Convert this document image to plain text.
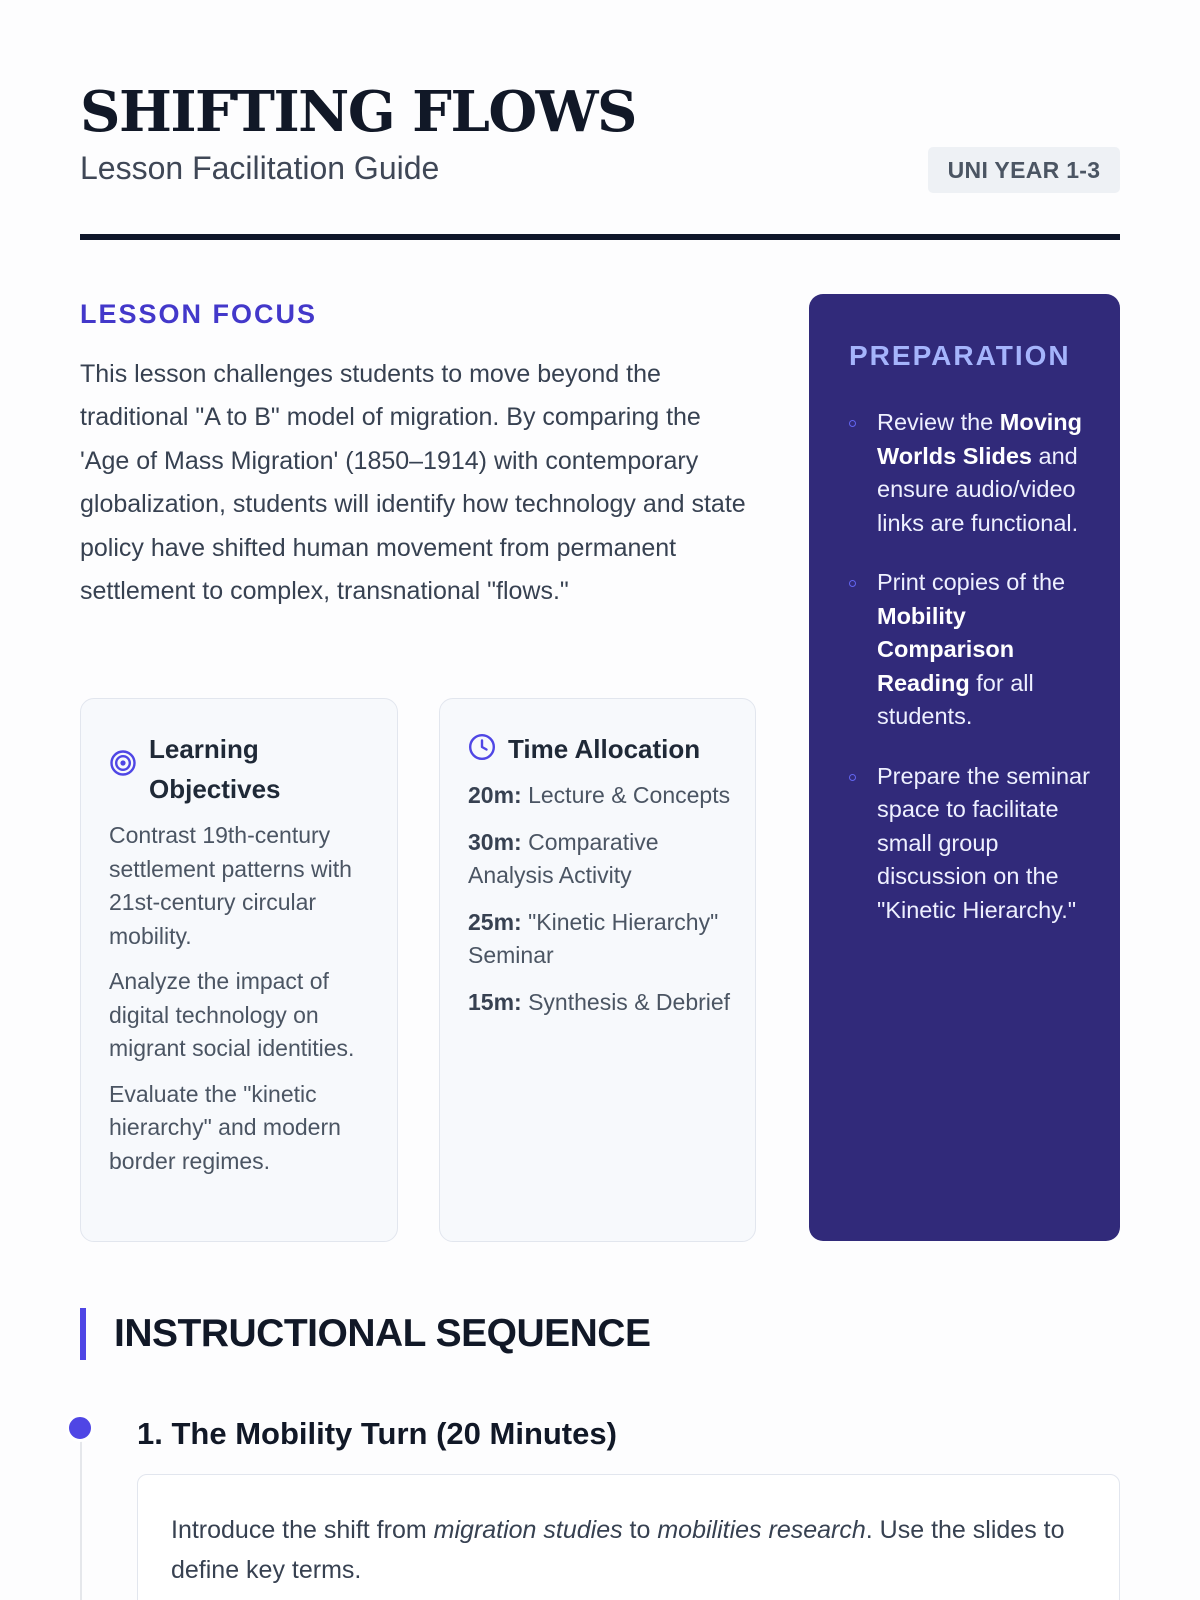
SHIFTING FLOWS
Lesson Facilitation Guide	UNI YEAR 1-3
LESSON FOCUS

This lesson challenges students to move beyond the traditional "A to B" model of migration. By comparing the 'Age of Mass Migration' (1850–1914) with contemporary globalization, students will identify how technology and state policy have shifted human movement from permanent settlement to complex, transnational "flows."

Learning Objectives
Contrast 19th-century settlement patterns with 21st-century circular mobility.
Analyze the impact of digital technology on migrant social identities.
Evaluate the "kinetic hierarchy" and modern border regimes.
Time Allocation
20m: Lecture & Concepts
30m: Comparative Analysis Activity
25m: "Kinetic Hierarchy" Seminar
15m: Synthesis & Debrief
PREPARATION
Review the Moving Worlds Slides and ensure audio/video links are functional.
Print copies of the Mobility Comparison Reading for all students.
Prepare the seminar space to facilitate small group discussion on the "Kinetic Hierarchy."
INSTRUCTIONAL SEQUENCE
1. The Mobility Turn (20 Minutes)

Introduce the shift from migration studies to mobilities research. Use the slides to define key terms.
